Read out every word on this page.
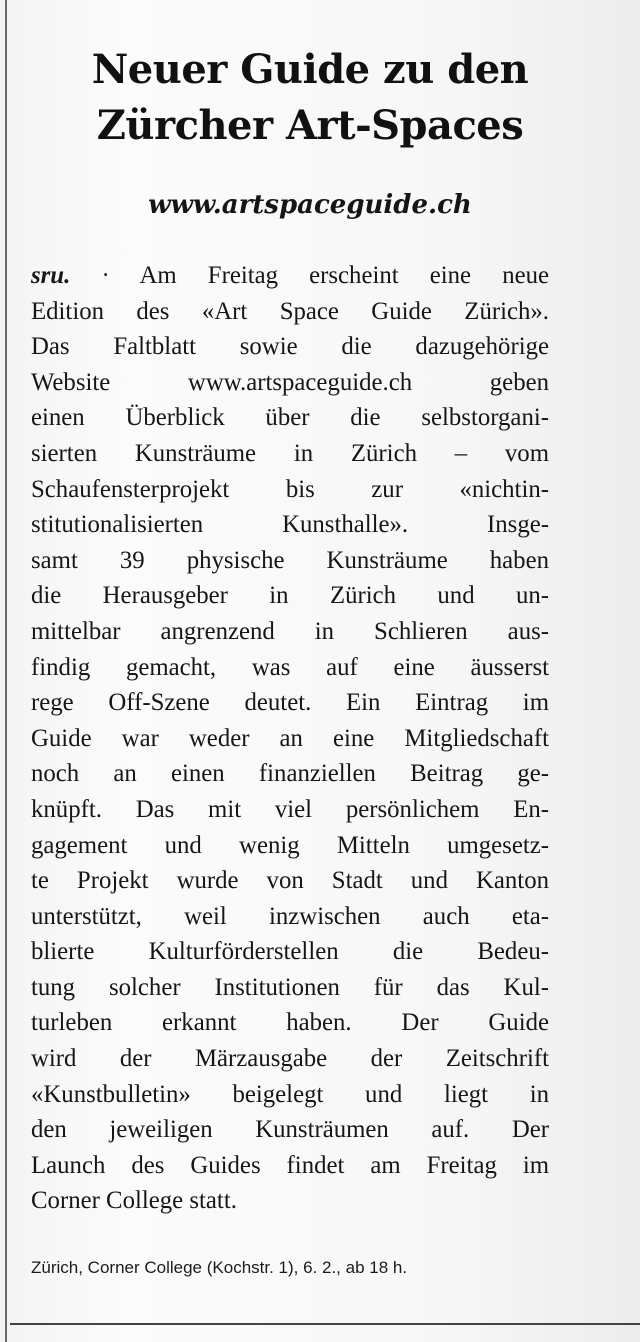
Neuer Guide zu den
Zürcher Art-Spaces
www.artspaceguide.ch
sru. · Am Freitag erscheint eine neue
Edition des «Art Space Guide Zürich».
Das Faltblatt sowie die dazugehörige
Website www.artspaceguide.ch geben
einen Überblick über die selbstorgani-
sierten Kunsträume in Zürich – vom
Schaufensterprojekt bis zur «nichtin-
stitutionalisierten Kunsthalle». Insge-
samt 39 physische Kunsträume haben
die Herausgeber in Zürich und un-
mittelbar angrenzend in Schlieren aus-
findig gemacht, was auf eine äusserst
rege Off-Szene deutet. Ein Eintrag im
Guide war weder an eine Mitgliedschaft
noch an einen finanziellen Beitrag ge-
knüpft. Das mit viel persönlichem En-
gagement und wenig Mitteln umgesetz-
te Projekt wurde von Stadt und Kanton
unterstützt, weil inzwischen auch eta-
blierte Kulturförderstellen die Bedeu-
tung solcher Institutionen für das Kul-
turleben erkannt haben. Der Guide
wird der Märzausgabe der Zeitschrift
«Kunstbulletin» beigelegt und liegt in
den jeweiligen Kunsträumen auf. Der
Launch des Guides findet am Freitag im
Corner College statt.

Zürich, Corner College (Kochstr. 1), 6. 2., ab 18 h.
